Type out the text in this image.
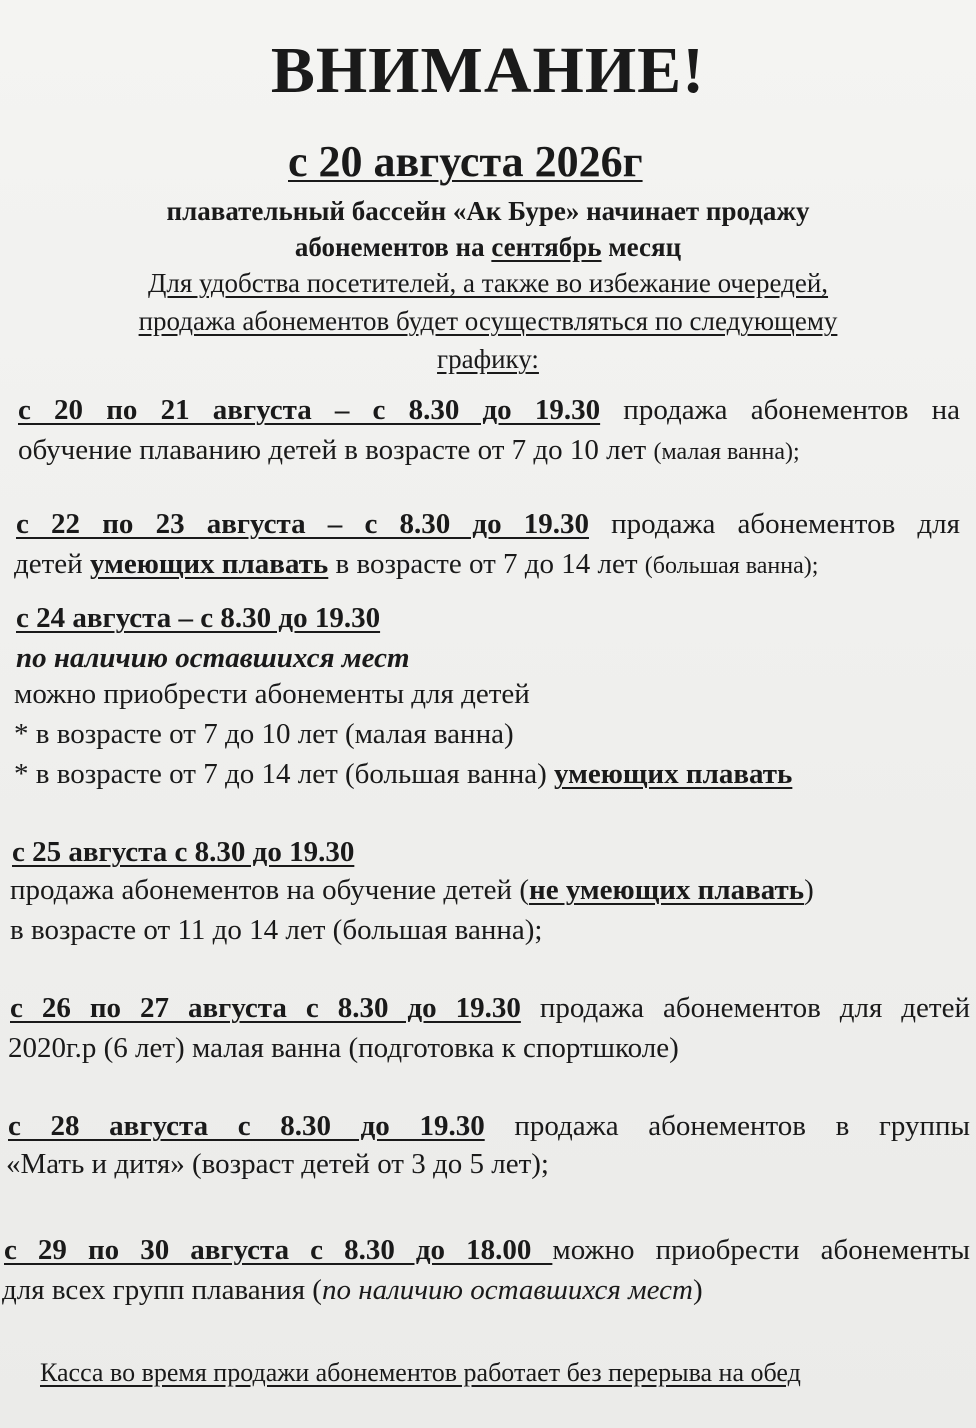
ВНИМАНИЕ!
с 20 августа 2026г
плавательный бассейн «Ак Буре» начинает продажу
абонементов на сентябрь месяц
Для удобства посетителей, а также во избежание очередей,
продажа абонементов будет осуществляться по следующему
графику:
с 20 по 21 августа – с 8.30 до 19.30 продажа абонементов на
обучение плаванию детей в возрасте от 7 до 10 лет (малая ванна);
с 22 по 23 августа – с 8.30 до 19.30 продажа абонементов для
детей умеющих плавать в возрасте от 7 до 14 лет (большая ванна);
с 24 августа – с 8.30 до 19.30
по наличию оставшихся мест
можно приобрести абонементы для детей
* в возрасте от 7 до 10 лет (малая ванна)
* в возрасте от 7 до 14 лет (большая ванна) умеющих плавать
с 25 августа с 8.30 до 19.30
продажа абонементов на обучение детей (не умеющих плавать)
в возрасте от 11 до 14 лет (большая ванна);
с 26 по 27 августа с 8.30 до 19.30 продажа абонементов для детей
2020г.р (6 лет) малая ванна (подготовка к спортшколе)
с 28 августа с 8.30 до 19.30 продажа абонементов в группы
«Мать и дитя» (возраст детей от 3 до 5 лет);
с 29 по 30 августа с 8.30 до 18.00 можно приобрести абонементы
для всех групп плавания (по наличию оставшихся мест)
Касса во время продажи абонементов работает без перерыва на обед
